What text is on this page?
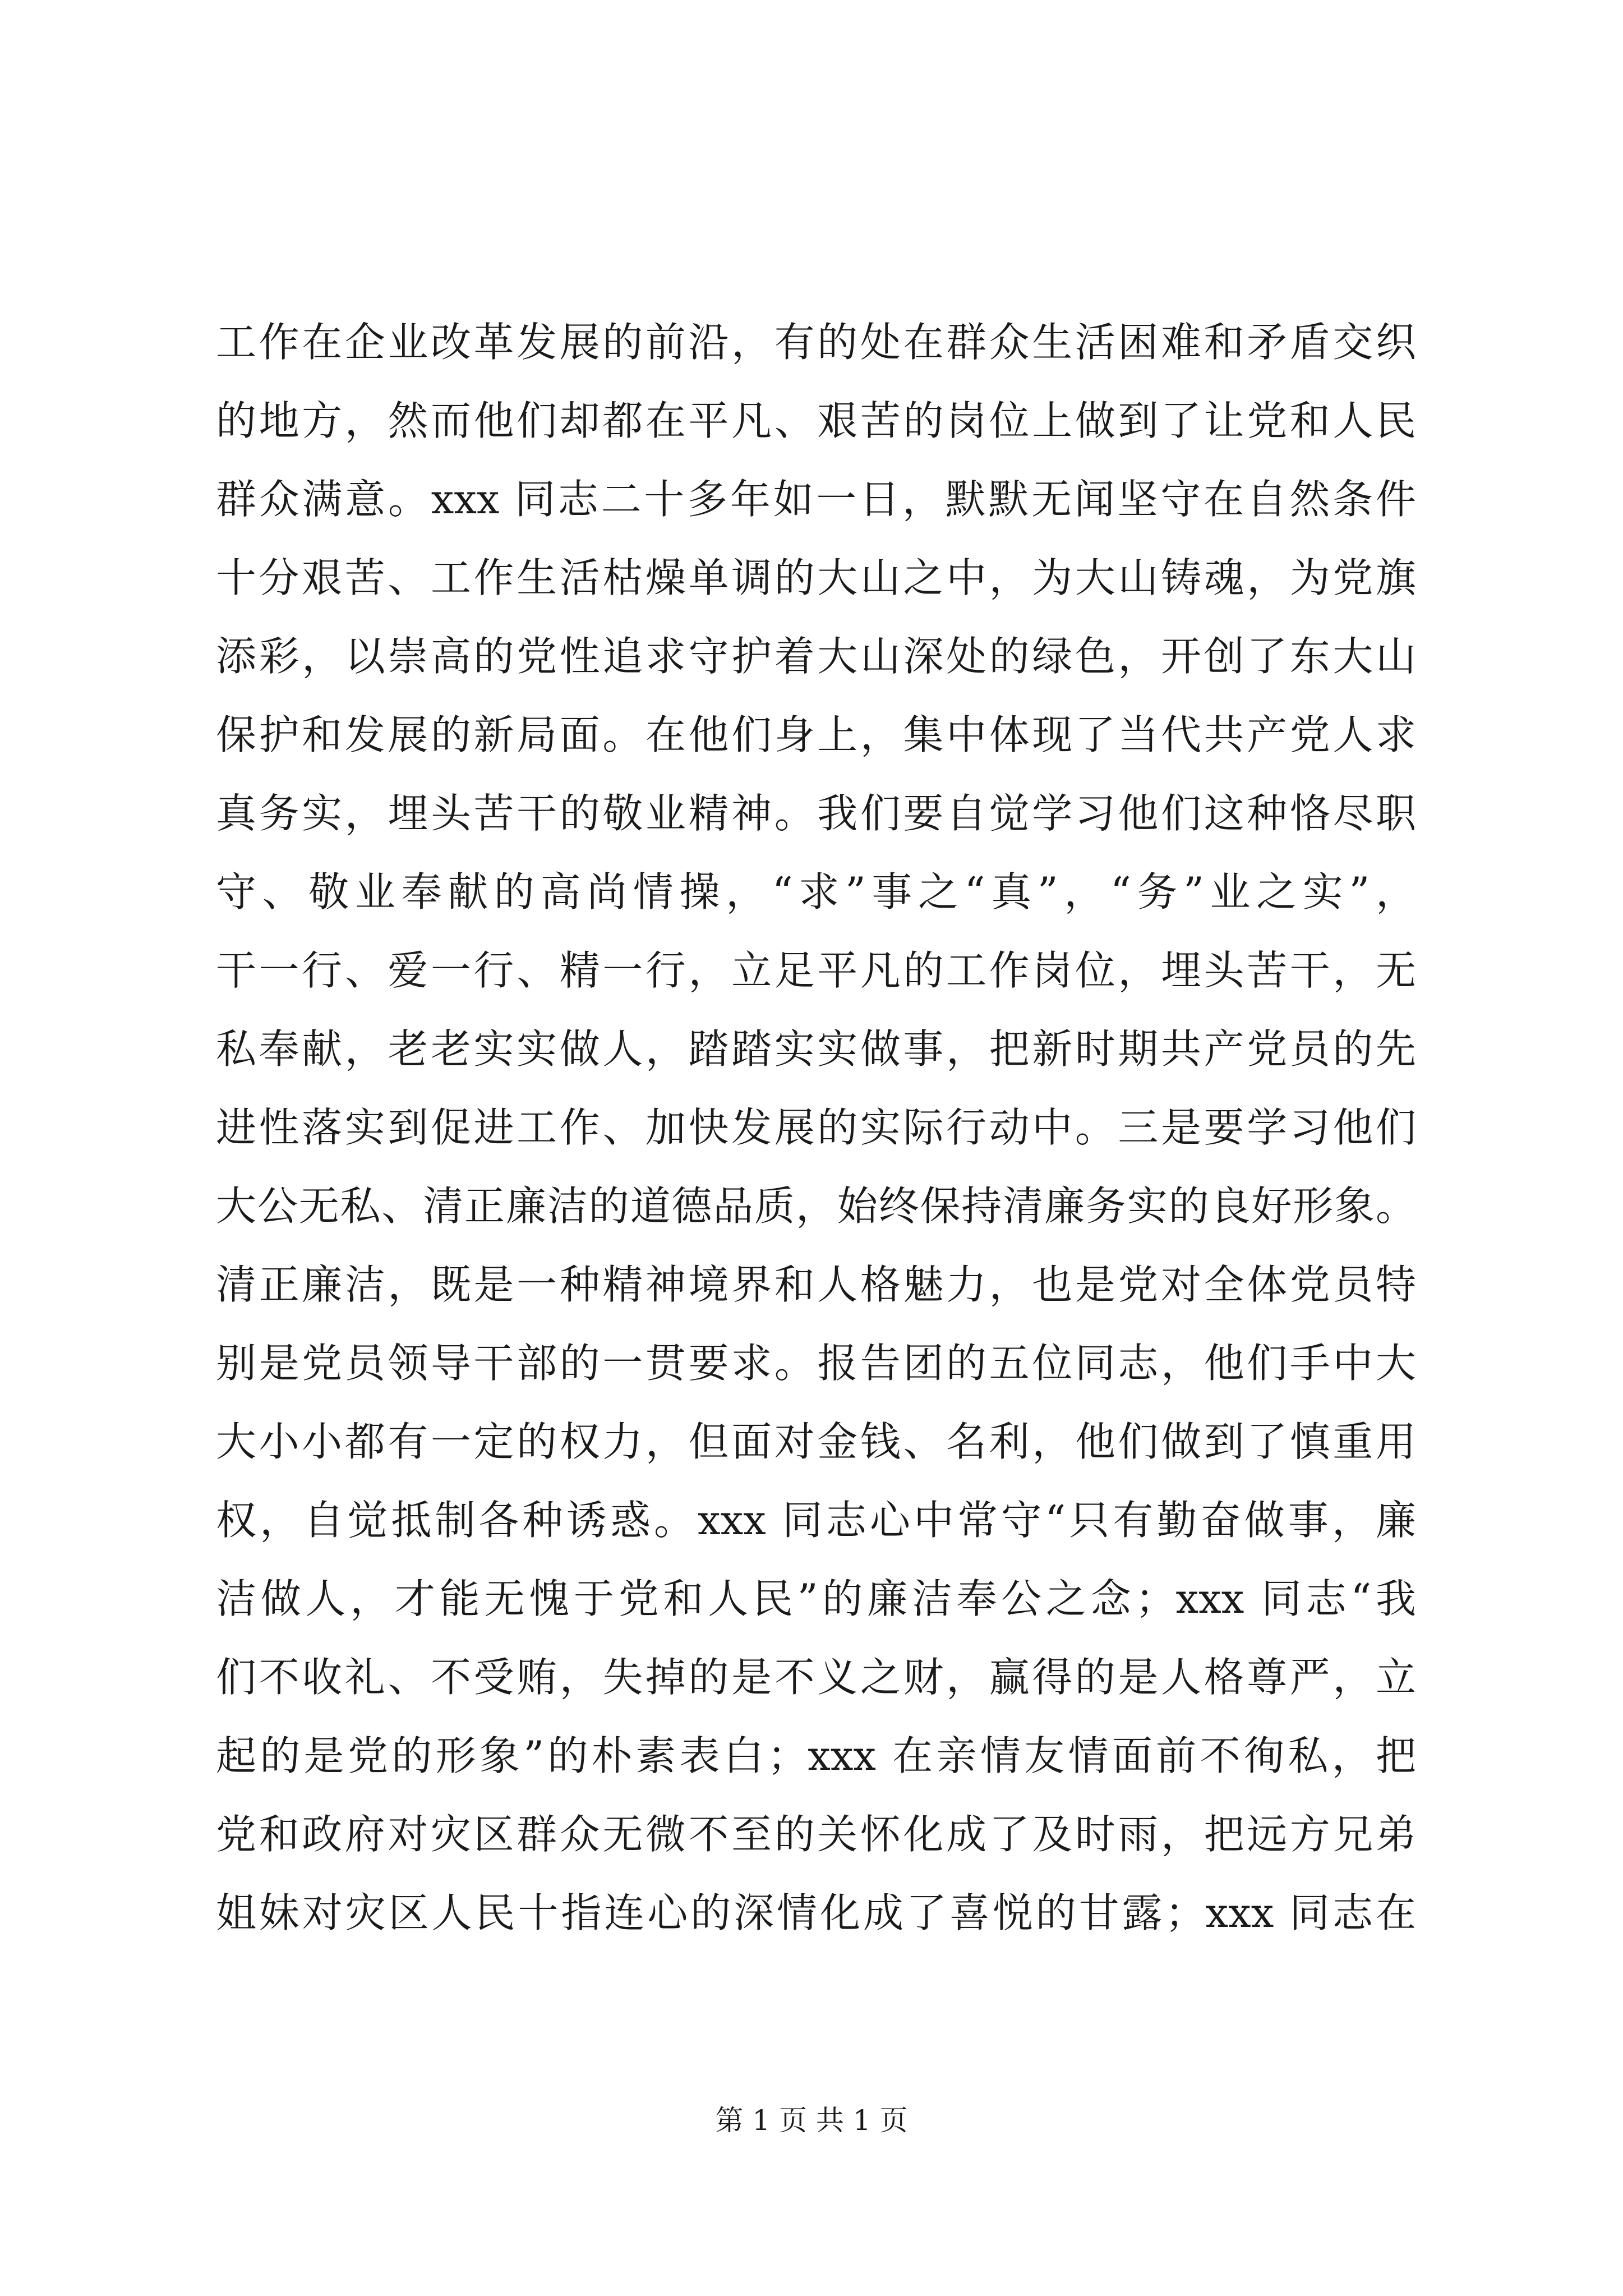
工作在企业改革发展的前沿，有的处在群众生活困难和矛盾交织
的地方，然而他们却都在平凡、艰苦的岗位上做到了让党和人民
群众满意。xxx 同志二十多年如一日，默默无闻坚守在自然条件
十分艰苦、工作生活枯燥单调的大山之中，为大山铸魂，为党旗
添彩，以崇高的党性追求守护着大山深处的绿色，开创了东大山
保护和发展的新局面。在他们身上，集中体现了当代共产党人求
真务实，埋头苦干的敬业精神。我们要自觉学习他们这种恪尽职
守、敬业奉献的高尚情操，“求”事之“真”，“务”业之实”，
干一行、爱一行、精一行，立足平凡的工作岗位，埋头苦干，无
私奉献，老老实实做人，踏踏实实做事，把新时期共产党员的先
进性落实到促进工作、加快发展的实际行动中。三是要学习他们
大公无私、清正廉洁的道德品质，始终保持清廉务实的良好形象。
清正廉洁，既是一种精神境界和人格魅力，也是党对全体党员特
别是党员领导干部的一贯要求。报告团的五位同志，他们手中大
大小小都有一定的权力，但面对金钱、名利，他们做到了慎重用
权，自觉抵制各种诱惑。xxx 同志心中常守“只有勤奋做事，廉
洁做人，才能无愧于党和人民”的廉洁奉公之念；xxx 同志“我
们不收礼、不受贿，失掉的是不义之财，赢得的是人格尊严，立
起的是党的形象”的朴素表白；xxx 在亲情友情面前不徇私，把
党和政府对灾区群众无微不至的关怀化成了及时雨，把远方兄弟
姐妹对灾区人民十指连心的深情化成了喜悦的甘露；xxx 同志在
第 1 页 共 1 页
